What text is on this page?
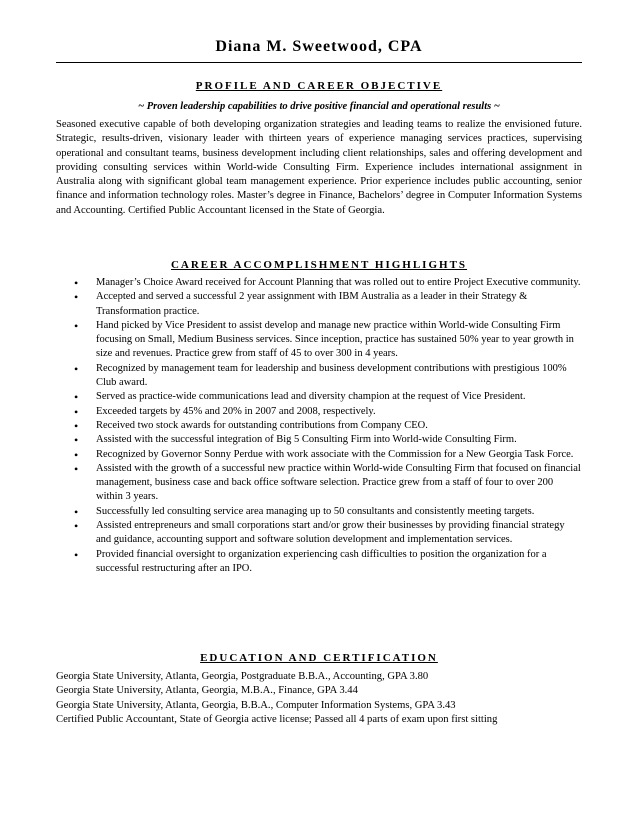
Diana M. Sweetwood, CPA
PROFILE AND CAREER OBJECTIVE
~ Proven leadership capabilities to drive positive financial and operational results ~
Seasoned executive capable of both developing organization strategies and leading teams to realize the envisioned future. Strategic, results-driven, visionary leader with thirteen years of experience managing services practices, supervising operational and consultant teams, business development including client relationships, sales and offering development and providing consulting services within World-wide Consulting Firm. Experience includes international assignment in Australia along with significant global team management experience. Prior experience includes public accounting, senior finance and information technology roles. Master’s degree in Finance, Bachelors’ degree in Computer Information Systems and Accounting. Certified Public Accountant licensed in the State of Georgia.
CAREER ACCOMPLISHMENT HIGHLIGHTS
• Manager’s Choice Award received for Account Planning that was rolled out to entire Project Executive community.
• Accepted and served a successful 2 year assignment with IBM Australia as a leader in their Strategy & Transformation practice.
• Hand picked by Vice President to assist develop and manage new practice within World-wide Consulting Firm focusing on Small, Medium Business services. Since inception, practice has sustained 50% year to year growth in size and revenues. Practice grew from staff of 45 to over 300 in 4 years.
• Recognized by management team for leadership and business development contributions with prestigious 100% Club award.
• Served as practice-wide communications lead and diversity champion at the request of Vice President.
• Exceeded targets by 45% and 20% in 2007 and 2008, respectively.
• Received two stock awards for outstanding contributions from Company CEO.
• Assisted with the successful integration of Big 5 Consulting Firm into World-wide Consulting Firm.
• Recognized by Governor Sonny Perdue with work associate with the Commission for a New Georgia Task Force.
• Assisted with the growth of a successful new practice within World-wide Consulting Firm that focused on financial management, business case and back office software selection. Practice grew from a staff of four to over 200 within 3 years.
• Successfully led consulting service area managing up to 50 consultants and consistently meeting targets.
• Assisted entrepreneurs and small corporations start and/or grow their businesses by providing financial strategy and guidance, accounting support and software solution development and implementation services.
• Provided financial oversight to organization experiencing cash difficulties to position the organization for a successful restructuring after an IPO.
EDUCATION AND CERTIFICATION
Georgia State University, Atlanta, Georgia, Postgraduate B.B.A., Accounting, GPA 3.80
Georgia State University, Atlanta, Georgia, M.B.A., Finance, GPA 3.44
Georgia State University, Atlanta, Georgia, B.B.A., Computer Information Systems, GPA 3.43
Certified Public Accountant, State of Georgia active license; Passed all 4 parts of exam upon first sitting
